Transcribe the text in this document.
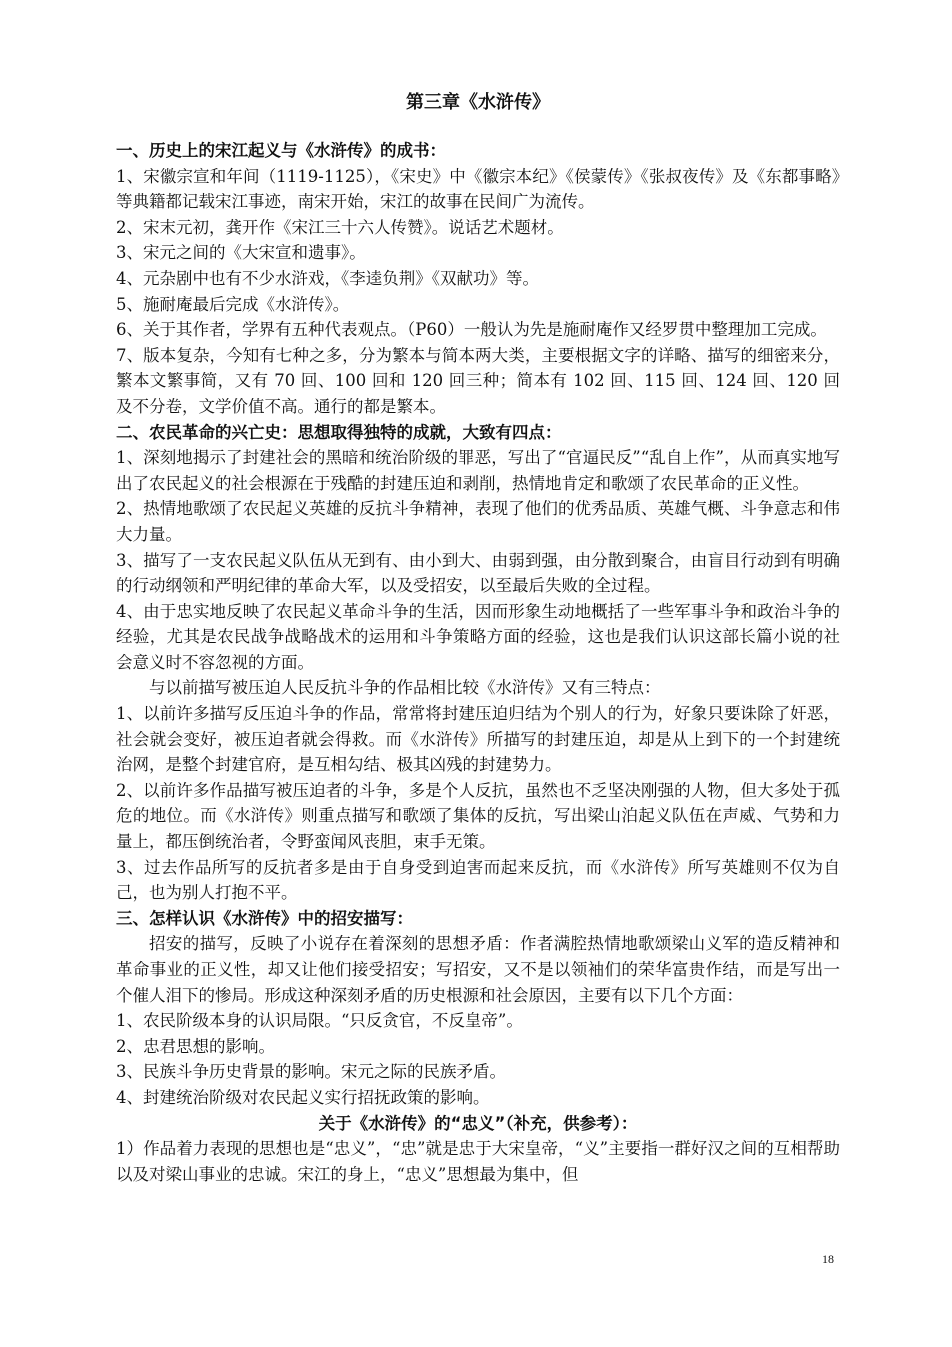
第三章《水浒传》
一、历史上的宋江起义与《水浒传》的成书：

1、宋徽宗宣和年间（1119-1125），《宋史》中《徽宗本纪》《侯蒙传》《张叔夜传》及《东都事略》等典籍都记载宋江事迹，南宋开始，宋江的故事在民间广为流传。

2、宋末元初，龚开作《宋江三十六人传赞》。说话艺术题材。

3、宋元之间的《大宋宣和遗事》。

4、元杂剧中也有不少水浒戏，《李逵负荆》《双献功》等。

5、施耐庵最后完成《水浒传》。

6、关于其作者，学界有五种代表观点。（P60）一般认为先是施耐庵作又经罗贯中整理加工完成。

7、版本复杂，今知有七种之多，分为繁本与简本两大类，主要根据文字的详略、描写的细密来分，繁本文繁事简，又有 70 回、100 回和 120 回三种；简本有 102 回、115 回、124 回、120 回及不分卷，文学价值不高。通行的都是繁本。

二、农民革命的兴亡史：思想取得独特的成就，大致有四点：

1、深刻地揭示了封建社会的黑暗和统治阶级的罪恶，写出了“官逼民反”“乱自上作”，从而真实地写出了农民起义的社会根源在于残酷的封建压迫和剥削，热情地肯定和歌颂了农民革命的正义性。

2、热情地歌颂了农民起义英雄的反抗斗争精神，表现了他们的优秀品质、英雄气概、斗争意志和伟大力量。

3、描写了一支农民起义队伍从无到有、由小到大、由弱到强，由分散到聚合，由盲目行动到有明确的行动纲领和严明纪律的革命大军，以及受招安，以至最后失败的全过程。

4、由于忠实地反映了农民起义革命斗争的生活，因而形象生动地概括了一些军事斗争和政治斗争的经验，尤其是农民战争战略战术的运用和斗争策略方面的经验，这也是我们认识这部长篇小说的社会意义时不容忽视的方面。

与以前描写被压迫人民反抗斗争的作品相比较《水浒传》又有三特点：

1、以前许多描写反压迫斗争的作品，常常将封建压迫归结为个别人的行为，好象只要诛除了奸恶，社会就会变好，被压迫者就会得救。而《水浒传》所描写的封建压迫，却是从上到下的一个封建统治网，是整个封建官府，是互相勾结、极其凶残的封建势力。

2、以前许多作品描写被压迫者的斗争，多是个人反抗，虽然也不乏坚决刚强的人物，但大多处于孤危的地位。而《水浒传》则重点描写和歌颂了集体的反抗，写出梁山泊起义队伍在声威、气势和力量上，都压倒统治者，令野蛮闻风丧胆，束手无策。

3、过去作品所写的反抗者多是由于自身受到迫害而起来反抗，而《水浒传》所写英雄则不仅为自己，也为别人打抱不平。

三、怎样认识《水浒传》中的招安描写：

招安的描写，反映了小说存在着深刻的思想矛盾：作者满腔热情地歌颂梁山义军的造反精神和革命事业的正义性，却又让他们接受招安；写招安，又不是以领袖们的荣华富贵作结，而是写出一个催人泪下的惨局。形成这种深刻矛盾的历史根源和社会原因，主要有以下几个方面：

1、农民阶级本身的认识局限。“只反贪官，不反皇帝”。

2、忠君思想的影响。

3、民族斗争历史背景的影响。宋元之际的民族矛盾。

4、封建统治阶级对农民起义实行招抚政策的影响。

关于《水浒传》的“忠义”（补充，供参考）：

1）作品着力表现的思想也是“忠义”，“忠”就是忠于大宋皇帝，“义”主要指一群好汉之间的互相帮助以及对梁山事业的忠诚。宋江的身上，“忠义”思想最为集中，但

18
